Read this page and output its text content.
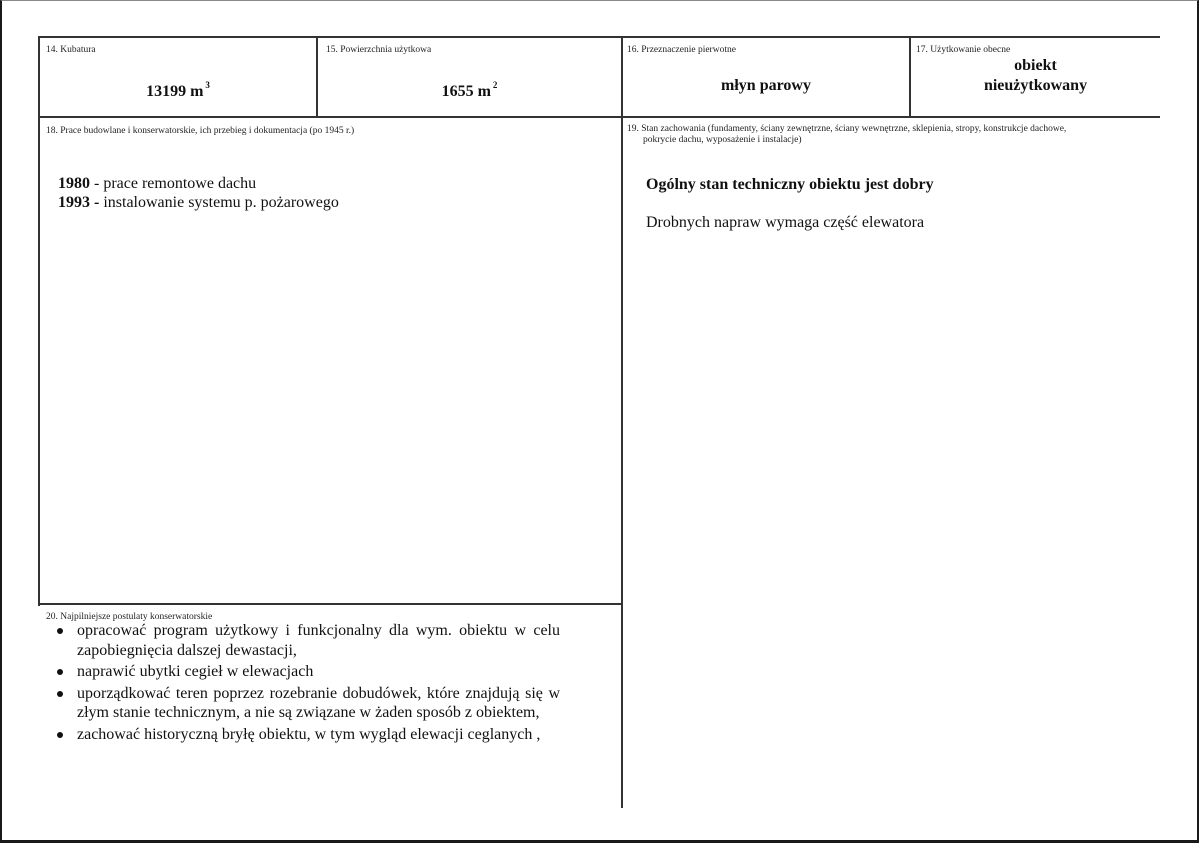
14. Kubatura
13199 m $^3$
15. Powierzchnia użytkowa
1655 m $^2$
16. Przeznaczenie pierwotne
młyn parowy
17. Użytkowanie obecne
obiekt
nieużytkowany
18. Prace budowlane i konserwatorskie, ich przebieg i dokumentacja (po 1945 r.)
1980 - prace remontowe dachu
1993 - instalowanie systemu p. pożarowego
19. Stan zachowania (fundamenty, ściany zewnętrzne, ściany wewnętrzne, sklepienia, stropy, konstrukcje dachowe,
pokrycie dachu, wyposażenie i instalacje)
Ogólny stan techniczny obiektu jest dobry
Drobnych napraw wymaga część elewatora
20. Najpilniejsze postulaty konserwatorskie
opracować program użytkowy i funkcjonalny dla wym. obiektu w celu zapobiegnięcia dalszej dewastacji,
naprawić ubytki cegieł w elewacjach
uporządkować teren poprzez rozebranie dobudówek, które znajdują się w złym stanie technicznym, a nie są związane w żaden sposób z obiektem,
zachować historyczną bryłę obiektu, w tym wygląd elewacji ceglanych ,
